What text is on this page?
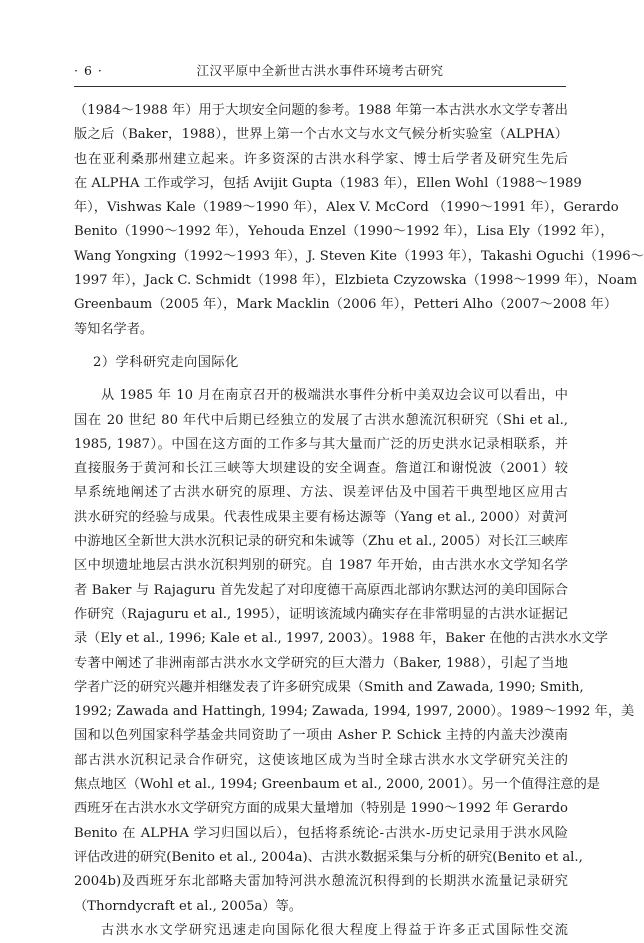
· 6 ·	江汉平原中全新世古洪水事件环境考古研究
（1984～1988 年）用于大坝安全问题的参考。1988 年第一本古洪水水文学专著出
版之后（Baker，1988），世界上第一个古水文与水文气候分析实验室（ALPHA）
也在亚利桑那州建立起来。许多资深的古洪水科学家、博士后学者及研究生先后
在 ALPHA 工作或学习，包括 Avijit Gupta（1983 年），Ellen Wohl（1988～1989
年），Vishwas Kale（1989～1990 年），Alex V. McCord （1990～1991 年），Gerardo
Benito（1990～1992 年），Yehouda Enzel（1990～1992 年），Lisa Ely（1992 年），
Wang Yongxing（1992～1993 年），J. Steven Kite（1993 年），Takashi Oguchi（1996～
1997 年），Jack C. Schmidt（1998 年），Elzbieta Czyzowska（1998～1999 年），Noam
Greenbaum（2005 年），Mark Macklin（2006 年），Petteri Alho（2007～2008 年）
等知名学者。
2）学科研究走向国际化
从 1985 年 10 月在南京召开的极端洪水事件分析中美双边会议可以看出，中
国在 20 世纪 80 年代中后期已经独立的发展了古洪水憩流沉积研究（Shi et al.,
1985, 1987）。中国在这方面的工作多与其大量而广泛的历史洪水记录相联系，并
直接服务于黄河和长江三峡等大坝建设的安全调查。詹道江和谢悦波（2001）较
早系统地阐述了古洪水研究的原理、方法、误差评估及中国若干典型地区应用古
洪水研究的经验与成果。代表性成果主要有杨达源等（Yang et al., 2000）对黄河
中游地区全新世大洪水沉积记录的研究和朱诚等（Zhu et al., 2005）对长江三峡库
区中坝遗址地层古洪水沉积判别的研究。自 1987 年开始，由古洪水水文学知名学
者 Baker 与 Rajaguru 首先发起了对印度德干高原西北部讷尔默达河的美印国际合
作研究（Rajaguru et al., 1995），证明该流域内确实存在非常明显的古洪水证据记
录（Ely et al., 1996; Kale et al., 1997, 2003）。1988 年，Baker 在他的古洪水水文学
专著中阐述了非洲南部古洪水水文学研究的巨大潜力（Baker, 1988），引起了当地
学者广泛的研究兴趣并相继发表了许多研究成果（Smith and Zawada, 1990; Smith,
1992; Zawada and Hattingh, 1994; Zawada, 1994, 1997, 2000）。1989～1992 年，美
国和以色列国家科学基金共同资助了一项由 Asher P. Schick 主持的内盖夫沙漠南
部古洪水沉积记录合作研究，这使该地区成为当时全球古洪水水文学研究关注的
焦点地区（Wohl et al., 1994; Greenbaum et al., 2000, 2001）。另一个值得注意的是
西班牙在古洪水水文学研究方面的成果大量增加（特别是 1990～1992 年 Gerardo
Benito 在 ALPHA 学习归国以后），包括将系统论-古洪水-历史记录用于洪水风险
评估改进的研究(Benito et al., 2004a)、古洪水数据采集与分析的研究(Benito et al.,
2004b)及西班牙东北部略夫雷加特河洪水憩流沉积得到的长期洪水流量记录研究
（Thorndycraft et al., 2005a）等。
古洪水水文学研究迅速走向国际化很大程度上得益于许多正式国际性交流
